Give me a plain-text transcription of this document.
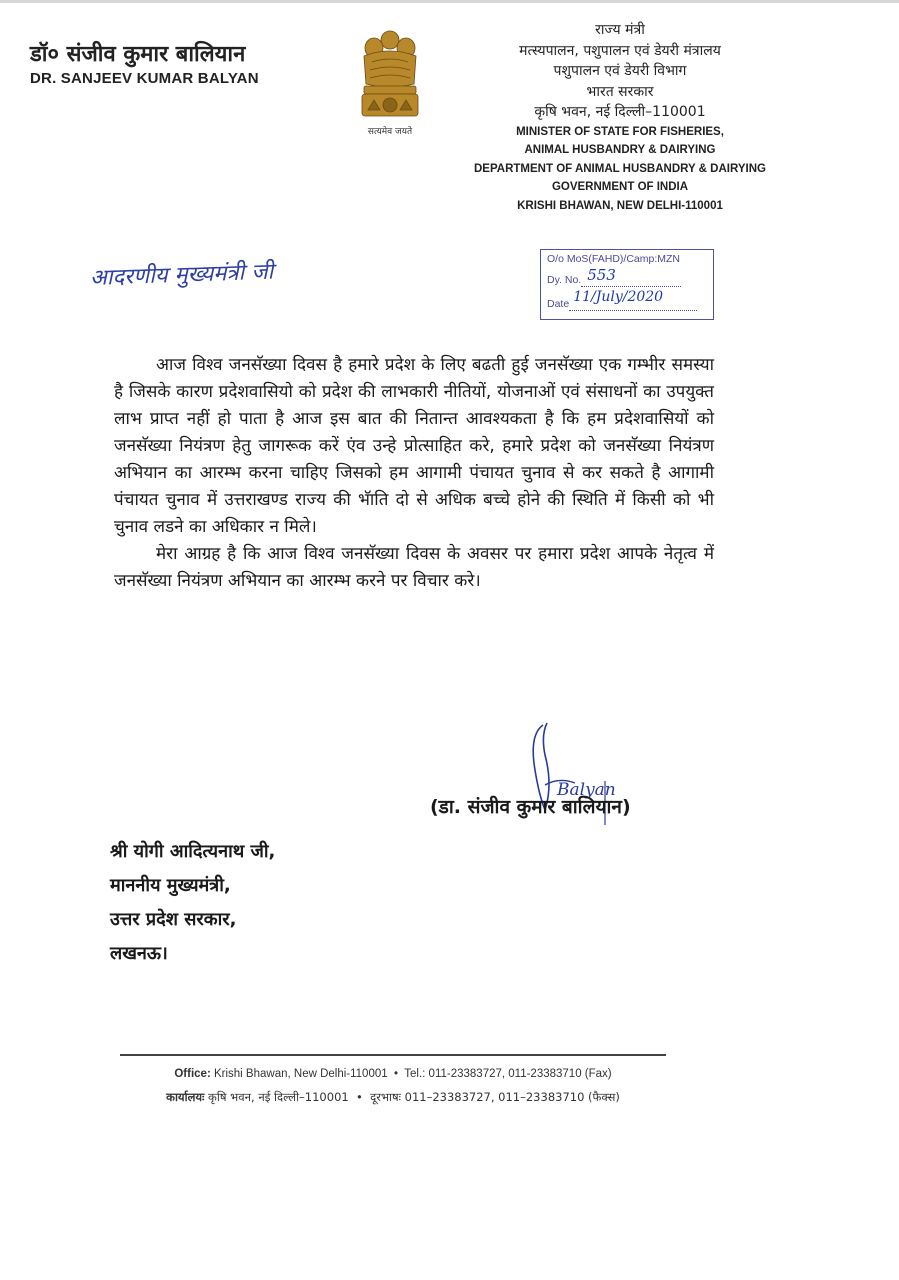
डॉ० संजीव कुमार बालियान
DR. SANJEEV KUMAR BALYAN
सत्यमेव जयते
राज्य मंत्री
मत्स्यपालन, पशुपालन एवं डेयरी मंत्रालय
पशुपालन एवं डेयरी विभाग
भारत सरकार
कृषि भवन, नई दिल्ली–110001
MINISTER OF STATE FOR FISHERIES,
ANIMAL HUSBANDRY & DAIRYING
DEPARTMENT OF ANIMAL HUSBANDRY & DAIRYING
GOVERNMENT OF INDIA
KRISHI BHAWAN, NEW DELHI-110001
O/o MoS(FAHD)/Camp:MZN
Dy. No. 553

Date 11/July/2020

आदरणीय मुख्यमंत्री जी

आज विश्व जनसॅख्या दिवस है हमारे प्रदेश के लिए बढती हुई जनसॅख्या एक गम्भीर समस्या है जिसके कारण प्रदेशवासियो को प्रदेश की लाभकारी नीतियों, योजनाओं एवं संसाधनों का उपयुक्त लाभ प्राप्त नहीं हो पाता है आज इस बात की नितान्त आवश्यकता है कि हम प्रदेशवासियों को जनसॅख्या नियंत्रण हेतु जागरूक करें एंव उन्हे प्रोत्साहित करे, हमारे प्रदेश को जनसॅख्या नियंत्रण अभियान का आरम्भ करना चाहिए जिसको हम आगामी पंचायत चुनाव से कर सकते है आगामी पंचायत चुनाव में उत्तराखण्ड राज्य की भॅाति दो से अधिक बच्चे होने की स्थिति में किसी को भी चुनाव लडने का अधिकार न मिले।

मेरा आग्रह है कि आज विश्व जनसॅख्या दिवस के अवसर पर हमारा प्रदेश आपके नेतृत्व में जनसॅख्या नियंत्रण अभियान का आरम्भ करने पर विचार करे।

Balyan
(डा. संजीव कुमार बालियान)
श्री योगी आदित्यनाथ जी,
माननीय मुख्यमंत्री,
उत्तर प्रदेश सरकार,
लखनऊ।
Office: Krishi Bhawan, New Delhi-110001 • Tel.: 011-23383727, 011-23383710 (Fax)
कार्यालयः कृषि भवन, नई दिल्ली–110001 • दूरभाषः 011–23383727, 011–23383710 (फैक्स)
